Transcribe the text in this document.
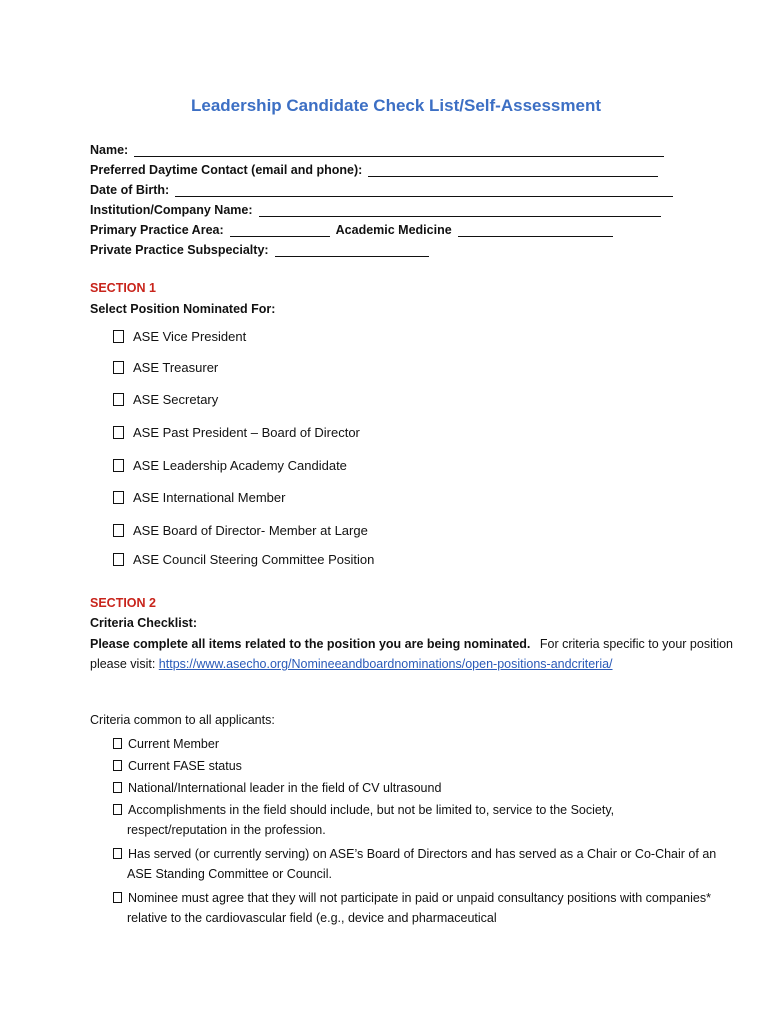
Leadership Candidate Check List/Self-Assessment
Name:
Preferred Daytime Contact (email and phone):
Date of Birth:
Institution/Company Name:
Primary Practice Area:	Academic Medicine
Private Practice Subspecialty:
SECTION 1
Select Position Nominated For:
ASE Vice President
ASE Treasurer
ASE Secretary
ASE Past President – Board of Director
ASE Leadership Academy Candidate
ASE International Member
ASE Board of Director- Member at Large
ASE Council Steering Committee Position
SECTION 2
Criteria Checklist:
Please complete all items related to the position you are being nominated. For criteria specific to your position please visit: https://www.asecho.org/Nomineeandboardnominations/open-positions-andcriteria/
Criteria common to all applicants:
Current Member
Current FASE status
National/International leader in the field of CV ultrasound
Accomplishments in the field should include, but not be limited to, service to the Society, respect/reputation in the profession.
Has served (or currently serving) on ASE’s Board of Directors and has served as a Chair or Co-Chair of an ASE Standing Committee or Council.
Nominee must agree that they will not participate in paid or unpaid consultancy positions with companies* relative to the cardiovascular field (e.g., device and pharmaceutical
